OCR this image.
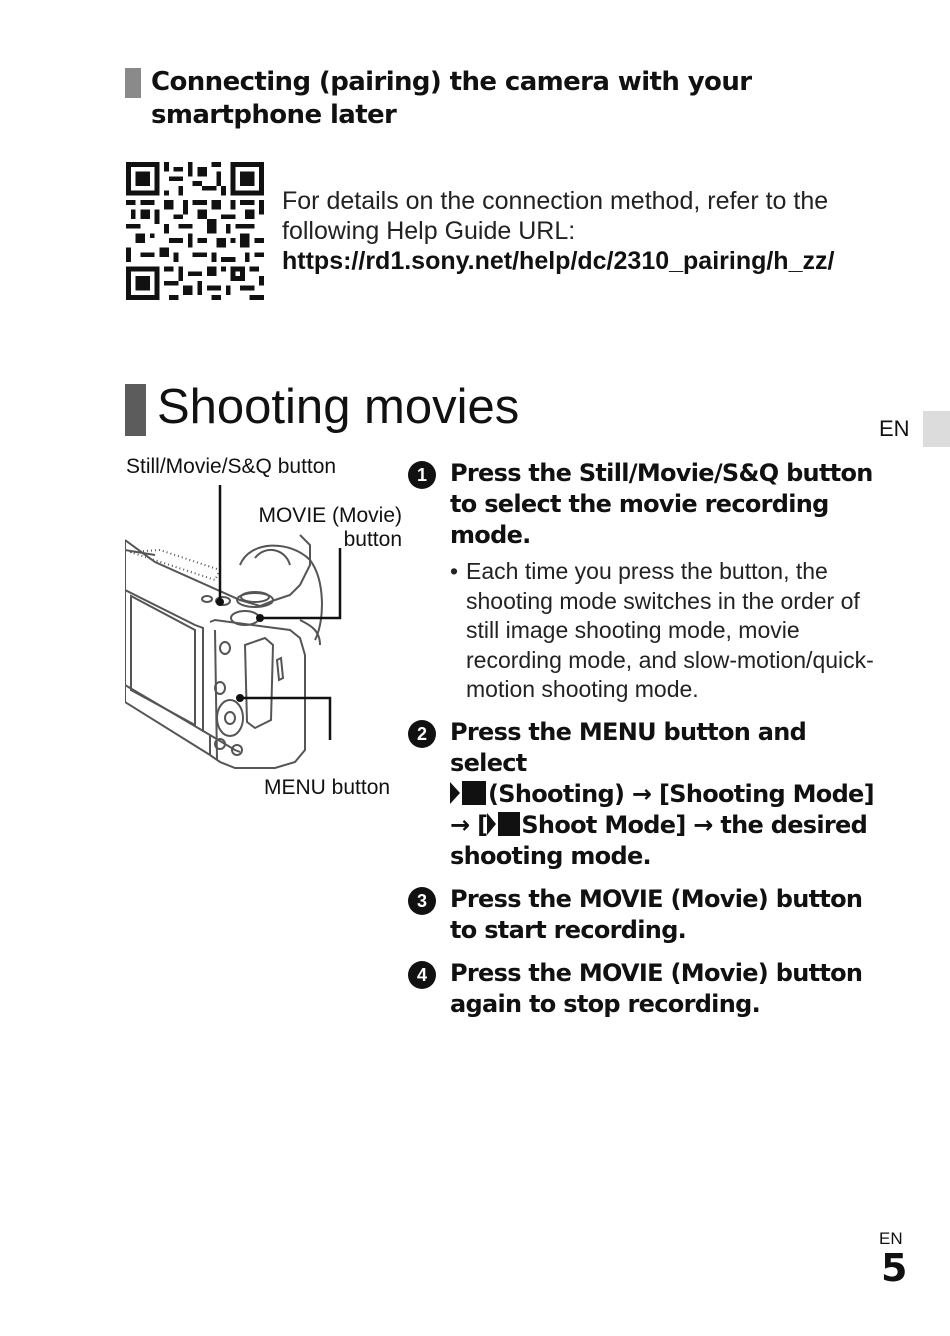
Connecting (pairing) the camera with your smartphone later
For details on the connection method, refer to the following Help Guide URL:
https://rd1.sony.net/help/dc/2310_pairing/h_zz/
Shooting movies	EN
Still/Movie/S&Q button
MOVIE (Movie)
button
MENU button
1 Press the Still/Movie/S&Q button to select the movie recording mode.
• Each time you press the button, the shooting mode switches in the order of still image shooting mode, movie recording mode, and slow-motion/quick-motion shooting mode.
2 Press the MENU button and select
(Shooting) → [Shooting Mode] → [ Shoot Mode] → the desired shooting mode.
3 Press the MOVIE (Movie) button to start recording.
4 Press the MOVIE (Movie) button again to stop recording.
EN
5
